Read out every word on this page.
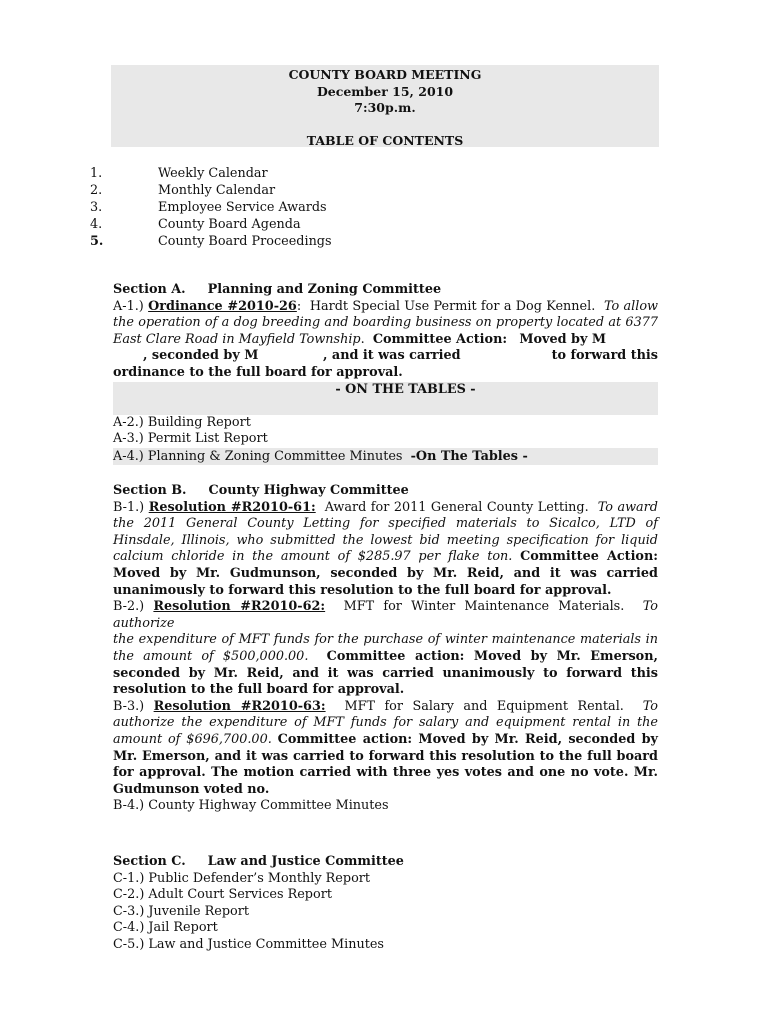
COUNTY BOARD MEETING
December 15, 2010
7:30p.m.
TABLE OF CONTENTS
1.	Weekly Calendar
2.	Monthly Calendar
3.	Employee Service Awards
4.	County Board Agenda
5.	County Board Proceedings
Section A. Planning and Zoning Committee
A-1.) Ordinance #2010-26: Hardt Special Use Permit for a Dog Kennel. To allow the operation of a dog breeding and boarding business on property located at 6377 East Clare Road in Mayfield Township. Committee Action: Moved by M
, seconded by M	, and it was carried	to forward this
ordinance to the full board for approval.
- ON THE TABLES -
A-2.) Building Report
A-3.) Permit List Report
A-4.) Planning & Zoning Committee Minutes -On The Tables -
Section B. County Highway Committee
B-1.) Resolution #R2010-61: Award for 2011 General County Letting. To award the 2011 General County Letting for specified materials to Sicalco, LTD of Hinsdale, Illinois, who submitted the lowest bid meeting specification for liquid calcium chloride in the amount of $285.97 per flake ton. Committee Action: Moved by Mr. Gudmunson, seconded by Mr. Reid, and it was carried unanimously to forward this resolution to the full board for approval.
B-2.) Resolution #R2010-62: MFT for Winter Maintenance Materials. To authorize
the expenditure of MFT funds for the purchase of winter maintenance materials in the amount of $500,000.00. Committee action: Moved by Mr. Emerson, seconded by Mr. Reid, and it was carried unanimously to forward this resolution to the full board for approval.
B-3.) Resolution #R2010-63: MFT for Salary and Equipment Rental. To authorize the expenditure of MFT funds for salary and equipment rental in the amount of $696,700.00. Committee action: Moved by Mr. Reid, seconded by Mr. Emerson, and it was carried to forward this resolution to the full board for approval. The motion carried with three yes votes and one no vote. Mr. Gudmunson voted no.
B-4.) County Highway Committee Minutes
Section C. Law and Justice Committee
C-1.) Public Defender’s Monthly Report
C-2.) Adult Court Services Report
C-3.) Juvenile Report
C-4.) Jail Report
C-5.) Law and Justice Committee Minutes
